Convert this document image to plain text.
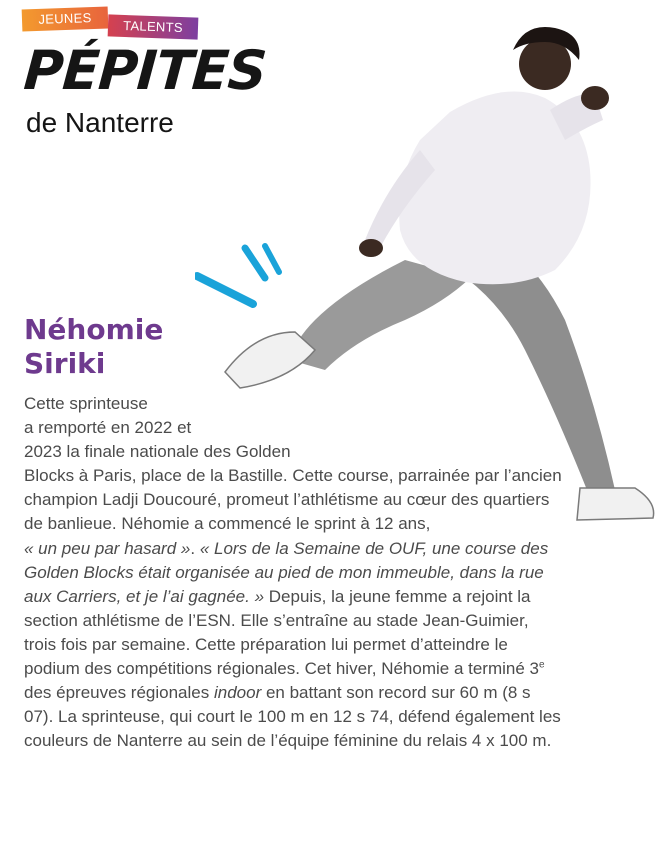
JEUNES	TALENTS
PÉPITES
de Nanterre
Néhomie
Siriki

Cette sprinteuse
a remporté en 2022 et
2023 la finale nationale des Golden
Blocks à Paris, place de la Bastille. Cette course, parrainée par l’ancien champion Ladji Doucouré, promeut l’athlétisme au cœur des quartiers de banlieue. Néhomie a commencé le sprint à 12 ans,
« un peu par hasard ». « Lors de la Semaine de OUF, une course des Golden Blocks était organisée au pied de mon immeuble, dans la rue aux Carriers, et je l’ai gagnée. » Depuis, la jeune femme a rejoint la section athlétisme de l’ESN. Elle s’entraîne au stade Jean-Guimier, trois fois par semaine. Cette préparation lui permet d’atteindre le podium des compétitions régionales. Cet hiver, Néhomie a terminé 3e des épreuves régionales indoor en battant son record sur 60 m (8 s 07). La sprinteuse, qui court le 100 m en 12 s 74, défend également les couleurs de Nanterre au sein de l’équipe féminine du relais 4 x 100 m.
